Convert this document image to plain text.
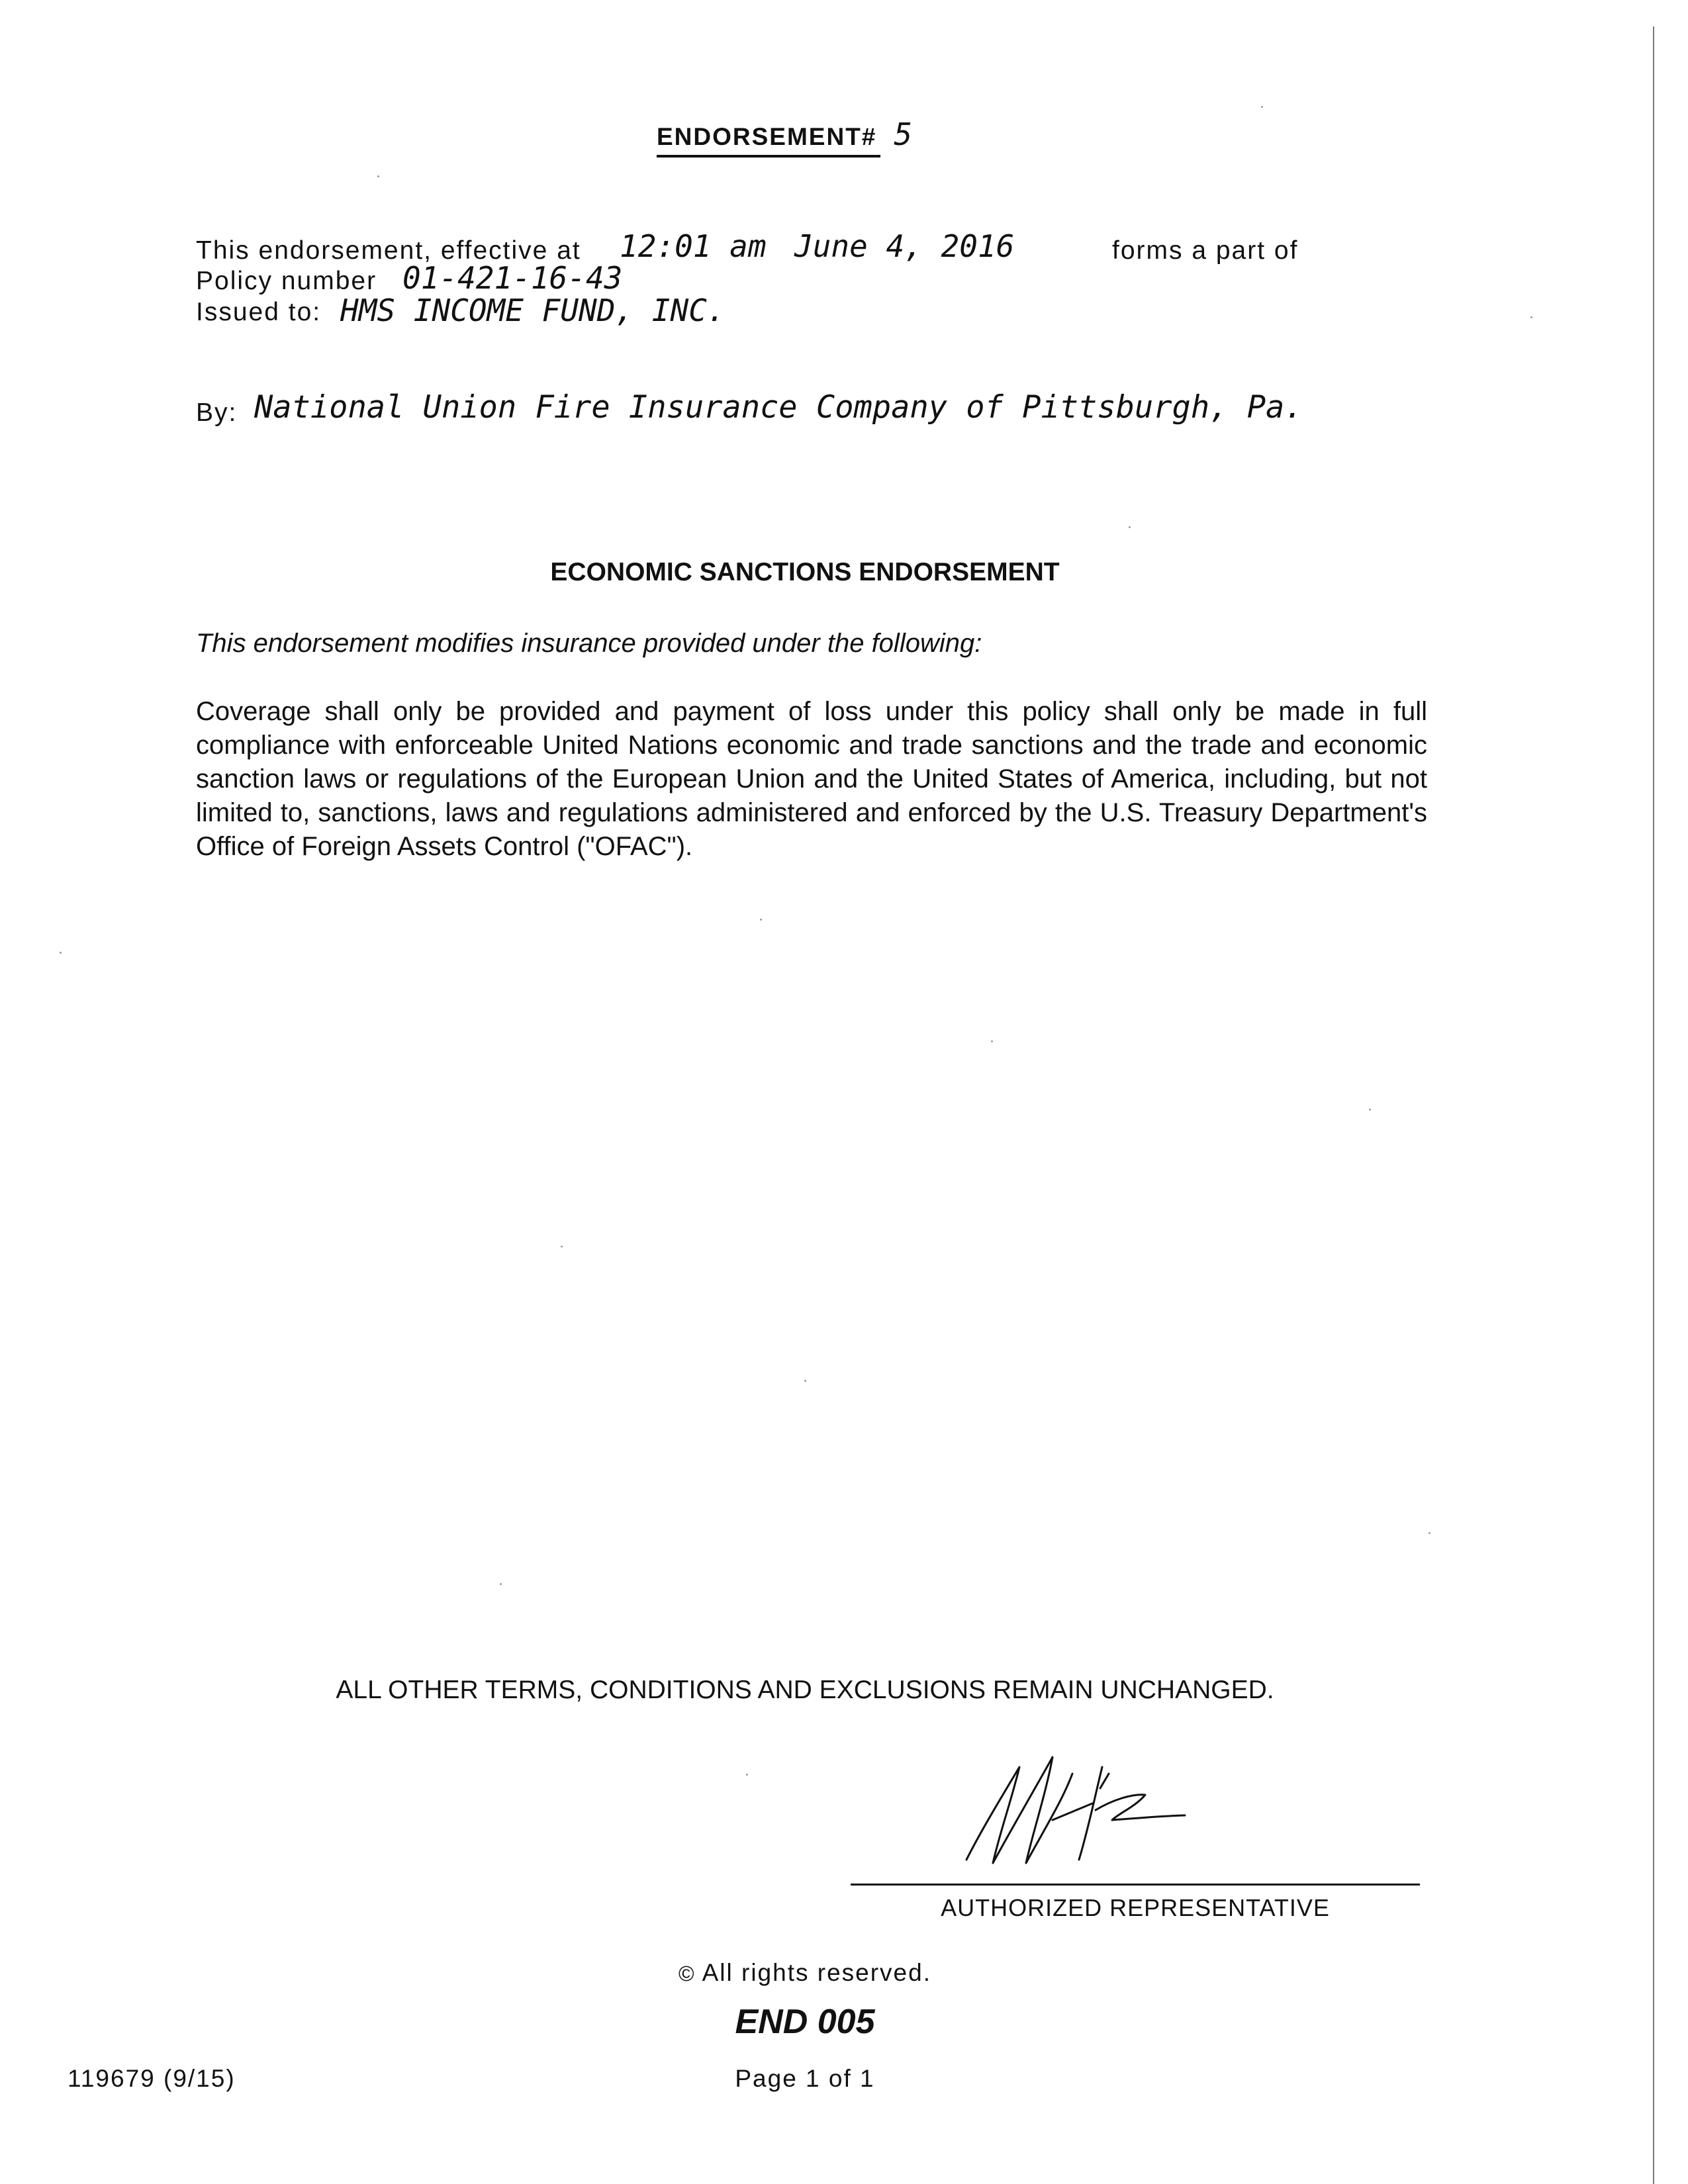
ENDORSEMENT# 5
This endorsement, effective at 12:01 am June 4, 2016	forms a part of
Policy number 01-421-16-43
Issued to: HMS INCOME FUND, INC.
By: National Union Fire Insurance Company of Pittsburgh, Pa.
ECONOMIC SANCTIONS ENDORSEMENT
This endorsement modifies insurance provided under the following:
Coverage shall only be provided and payment of loss under this policy shall only be made in full compliance with enforceable United Nations economic and trade sanctions and the trade and economic sanction laws or regulations of the European Union and the United States of America, including, but not limited to, sanctions, laws and regulations administered and enforced by the U.S. Treasury Department's Office of Foreign Assets Control ("OFAC").
ALL OTHER TERMS, CONDITIONS AND EXCLUSIONS REMAIN UNCHANGED.
AUTHORIZED REPRESENTATIVE
© All rights reserved.
END 005
119679 (9/15)	Page 1 of 1
